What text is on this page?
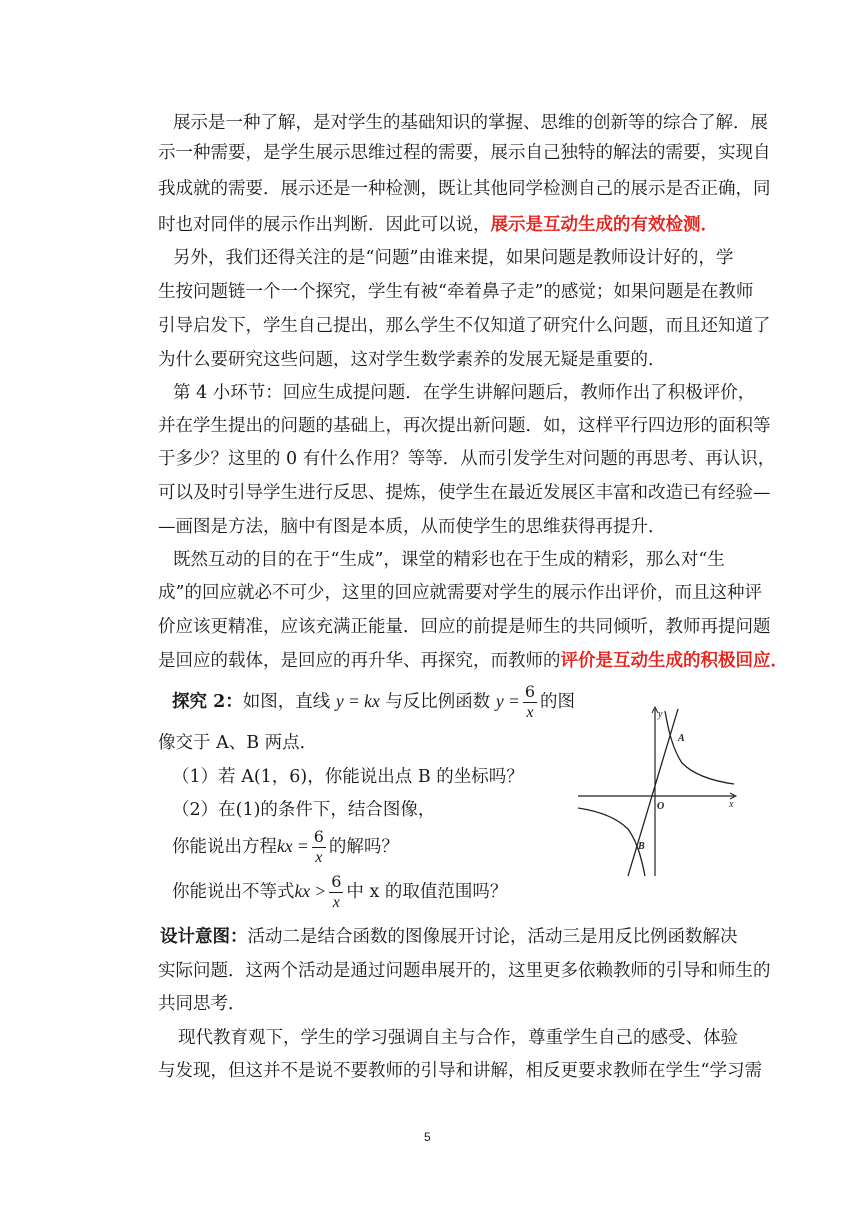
展示是一种了解，是对学生的基础知识的掌握、思维的创新等的综合了解．展
示一种需要，是学生展示思维过程的需要，展示自己独特的解法的需要，实现自
我成就的需要．展示还是一种检测，既让其他同学检测自己的展示是否正确，同
时也对同伴的展示作出判断．因此可以说，展示是互动生成的有效检测．
另外，我们还得关注的是“问题”由谁来提，如果问题是教师设计好的，学
生按问题链一个一个探究，学生有被“牵着鼻子走”的感觉；如果问题是在教师
引导启发下，学生自己提出，那么学生不仅知道了研究什么问题，而且还知道了
为什么要研究这些问题，这对学生数学素养的发展无疑是重要的．
第 4 小环节：回应生成提问题．在学生讲解问题后，教师作出了积极评价，
并在学生提出的问题的基础上，再次提出新问题．如，这样平行四边形的面积等
于多少？这里的 0 有什么作用？等等．从而引发学生对问题的再思考、再认识，
可以及时引导学生进行反思、提炼，使学生在最近发展区丰富和改造已有经验—
—画图是方法，脑中有图是本质，从而使学生的思维获得再提升．
既然互动的目的在于“生成”，课堂的精彩也在于生成的精彩，那么对“生
成”的回应就必不可少，这里的回应就需要对学生的展示作出评价，而且这种评
价应该更精准，应该充满正能量．回应的前提是师生的共同倾听，教师再提问题
是回应的载体，是回应的再升华、再探究，而教师的评价是互动生成的积极回应．
探究 2：如图，直线 y = kx 与反比例函数 $y = \frac{6}{x}$ 的图
像交于 A、B 两点．
（1）若 A(1，6)，你能说出点 B 的坐标吗？
（2）在(1)的条件下，结合图像，
你能说出方程kx = $\frac{6}{x}$ 的解吗？
你能说出不等式kx > $\frac{6}{x}$ 中 x 的取值范围吗？
y
x
O
A
B
设计意图：活动二是结合函数的图像展开讨论，活动三是用反比例函数解决
实际问题．这两个活动是通过问题串展开的，这里更多依赖教师的引导和师生的
共同思考．
现代教育观下，学生的学习强调自主与合作，尊重学生自己的感受、体验
与发现，但这并不是说不要教师的引导和讲解，相反更要求教师在学生“学习需
5
